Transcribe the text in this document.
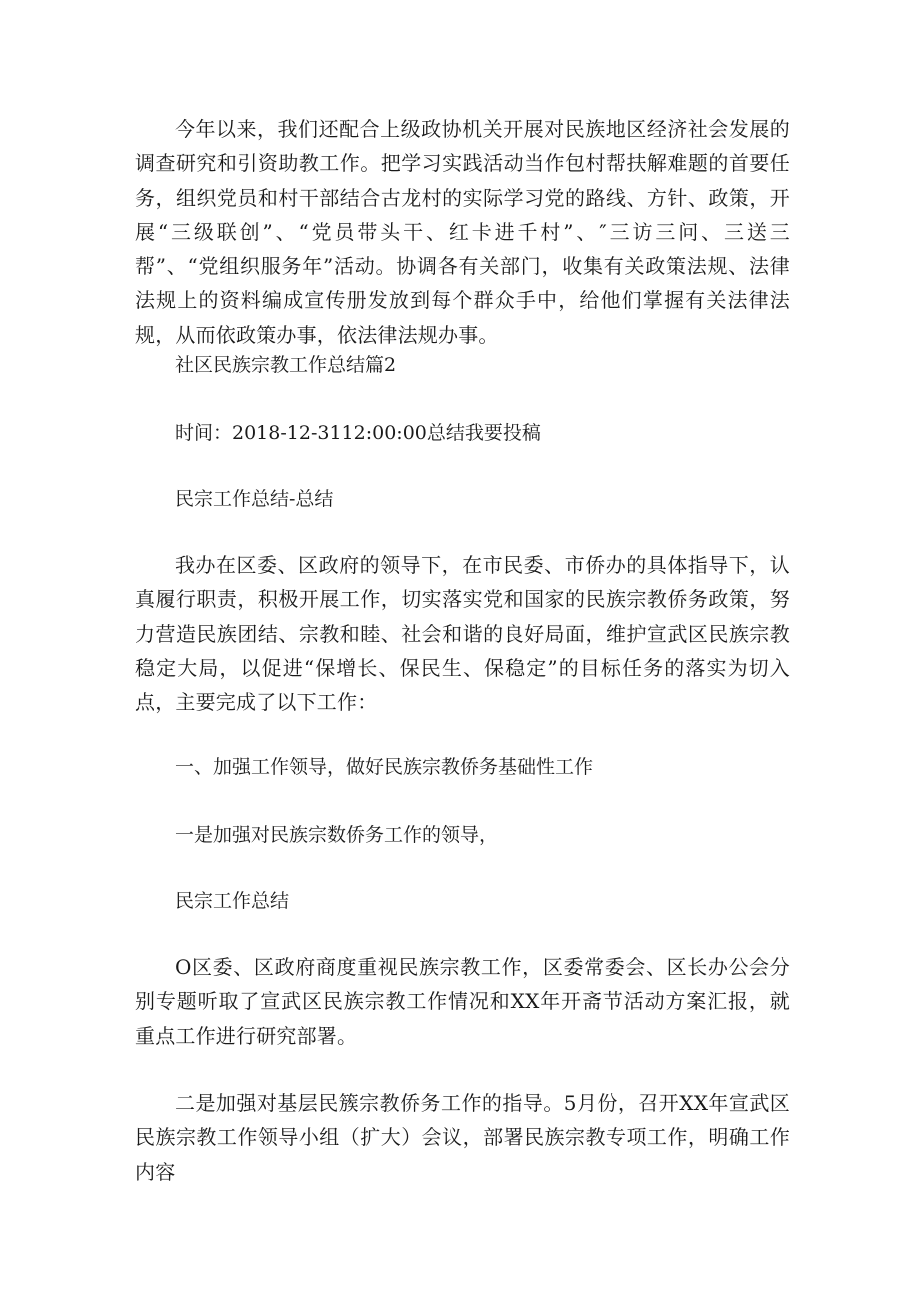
今年以来，我们还配合上级政协机关开展对民族地区经济社会发展的调查研究和引资助教工作。把学习实践活动当作包村帮扶解难题的首要任务，组织党员和村干部结合古龙村的实际学习党的路线、方针、政策，开展“三级联创”、“党员带头干、红卡进千村”、″三访三问、三送三帮”、“党组织服务年”活动。协调各有关部门，收集有关政策法规、法律法规上的资料编成宣传册发放到每个群众手中，给他们掌握有关法律法规，从而依政策办事，依法律法规办事。

社区民族宗教工作总结篇2

时间：2018-12-3112:00:00总结我要投稿

民宗工作总结-总结

我办在区委、区政府的领导下，在市民委、市侨办的具体指导下，认真履行职责，积极开展工作，切实落实党和国家的民族宗教侨务政策，努力营造民族团结、宗教和睦、社会和谐的良好局面，维护宣武区民族宗教稳定大局，以促进“保增长、保民生、保稳定”的目标任务的落实为切入点，主要完成了以下工作：

一、加强工作领导，做好民族宗教侨务基础性工作

一是加强对民族宗数侨务工作的领导，

民宗工作总结

O区委、区政府商度重视民族宗教工作，区委常委会、区长办公会分别专题听取了宣武区民族宗教工作情况和XX年开斋节活动方案汇报，就重点工作进行研究部署。

二是加强对基层民簇宗教侨务工作的指导。5月份，召开XX年宣武区民族宗教工作领导小组（扩大）会议，部署民族宗教专项工作，明确工作内容
